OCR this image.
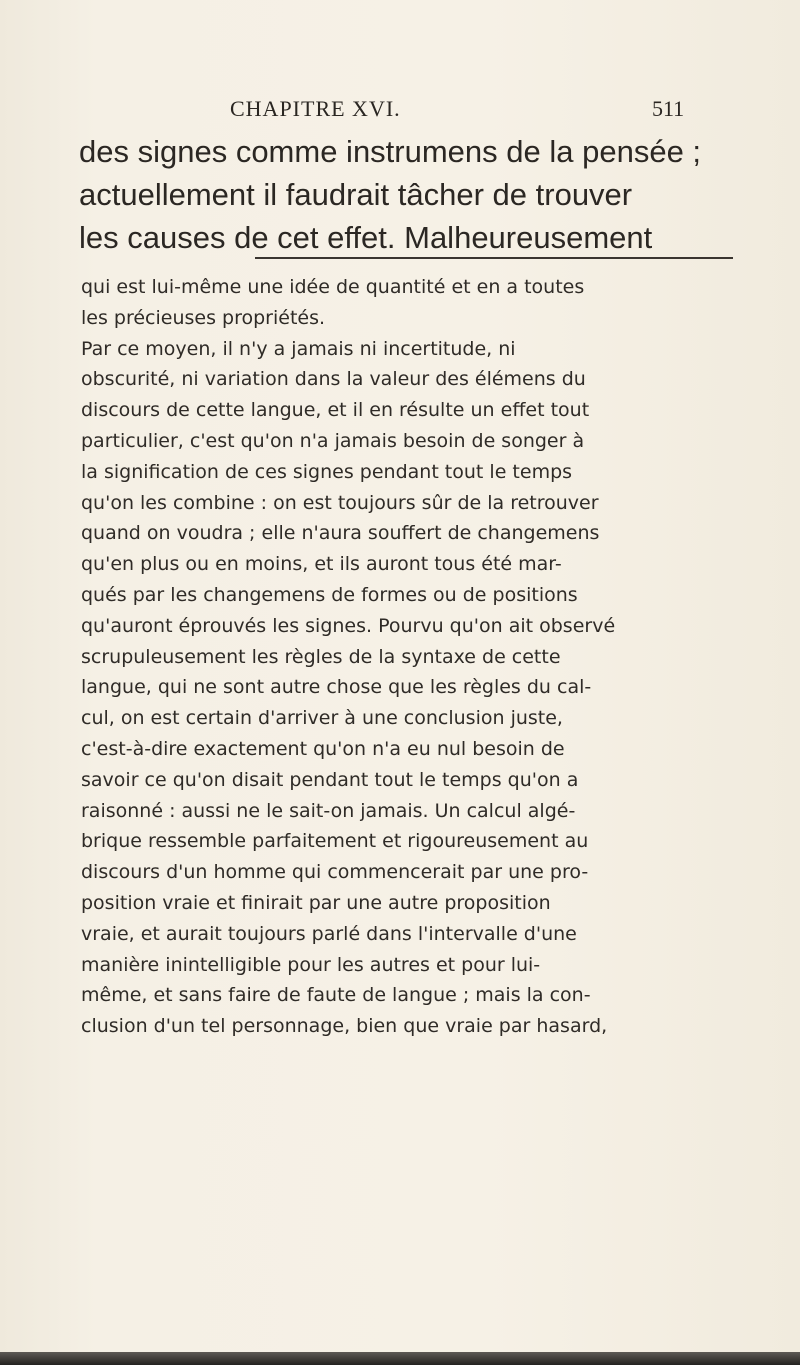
CHAPITRE XVI.	511
des signes comme instrumens de la pensée ;
actuellement il faudrait tâcher de trouver
les causes de cet effet. Malheureusement
qui est lui-même une idée de quantité et en a toutes
les précieuses propriétés.
Par ce moyen, il n'y a jamais ni incertitude, ni
obscurité, ni variation dans la valeur des élémens du
discours de cette langue, et il en résulte un effet tout
particulier, c'est qu'on n'a jamais besoin de songer à
la signification de ces signes pendant tout le temps
qu'on les combine : on est toujours sûr de la retrouver
quand on voudra ; elle n'aura souffert de changemens
qu'en plus ou en moins, et ils auront tous été mar-
qués par les changemens de formes ou de positions
qu'auront éprouvés les signes. Pourvu qu'on ait observé
scrupuleusement les règles de la syntaxe de cette
langue, qui ne sont autre chose que les règles du cal-
cul, on est certain d'arriver à une conclusion juste,
c'est-à-dire exactement qu'on n'a eu nul besoin de
savoir ce qu'on disait pendant tout le temps qu'on a
raisonné : aussi ne le sait-on jamais. Un calcul algé-
brique ressemble parfaitement et rigoureusement au
discours d'un homme qui commencerait par une pro-
position vraie et finirait par une autre proposition
vraie, et aurait toujours parlé dans l'intervalle d'une
manière inintelligible pour les autres et pour lui-
même, et sans faire de faute de langue ; mais la con-
clusion d'un tel personnage, bien que vraie par hasard,
